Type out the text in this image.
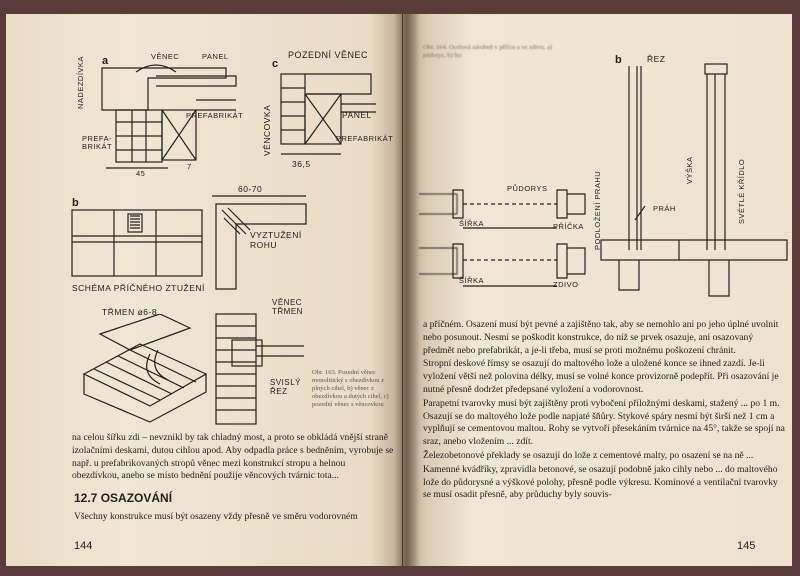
a	VĚNEC	PANEL
NADEZDÍVKA
PREFABRIKÁT
PREFA-BRIKÁT
45
7
c
POZEDNÍ VĚNEC
VĚNCOVKA	PANEL
PREFABRIKÁT
36,5
b
SCHÉMA PŘÍČNÉHO ZTUŽENÍ
60-70
VYZTUŽENÍ ROHU
TŘMEN ø6-8
VĚNEC TŘMEN
SVISLÝ ŘEZ
Obr. 163. Pozední věnec monolitický s obezdívkou z plných cihel, b) věnec z obezdívkou a dutých cihel, c) pozední věnec s věncovkou
na celou šířku zdi – nevznikl by tak chladný most, a proto se obkládá vnější straně izolačními deskami, dutou cihlou apod. Aby odpadla práce s bedněním, vyrobuje se např. u prefabrikovaných stropů věnec mezi konstrukcí stropu a helnou obezdívkou, anebo se místo bednění použije věncových tvárnic tota...
12.7 OSAZOVÁNÍ
Všechny konstrukce musí být osazeny vždy přesně ve směru vodorovném
144
Obr. 164. Ocelová zárubeň v příčce a ve zdivu; a) půdorys, b) řez
PŮDORYS
ŠÍŘKA	PŘÍČKA
ŠÍŘKA	ZDIVO
b	ŘEZ
PODLOŽENÍ PRAHU	PRÁH
VÝŠKA	SVĚTLÉ KŘÍDLO

a příčném. Osazení musí být pevné a zajištěno tak, aby se nemohlo ani po jeho úplné uvolnit nebo posunout. Nesmí se poškodit konstrukce, do níž se prvek osazuje, ani osazovaný předmět nebo prefabrikát, a je-li třeba, musí se proti možnému poškození chránit.

Stropní deskové římsy se osazují do maltového lože a uložené konce se ihned zazdí. Je-li vyložení větší než polovina délky, musí se volné konce provizorně podepřít. Při osazování je nutné přesně dodržet předepsané vyložení a vodorovnost.

Parapetní tvarovky musí být zajištěny proti vybočení příložnými deskami, stažený ... po 1 m. Osazují se do maltového lože podle napjaté šňůry. Stykové spáry nesmí být širší než 1 cm a vyplňují se cementovou maltou. Rohy se vytvoří přesekáním tvárnice na 45°, takže se spojí na sraz, anebo vložením ... zdít.

Železobetonové překlady se osazují do lože z cementové malty, po osazení se na ně ...

Kamenné kvádříky, zpravidla betonové, se osazují podobně jako cihly nebo ... do maltového lože do půdorysné a výškové polohy, přesně podle výkresu. Komínové a ventilační tvarovky se musí osadit přesně, aby průduchy byly souvis-

145
